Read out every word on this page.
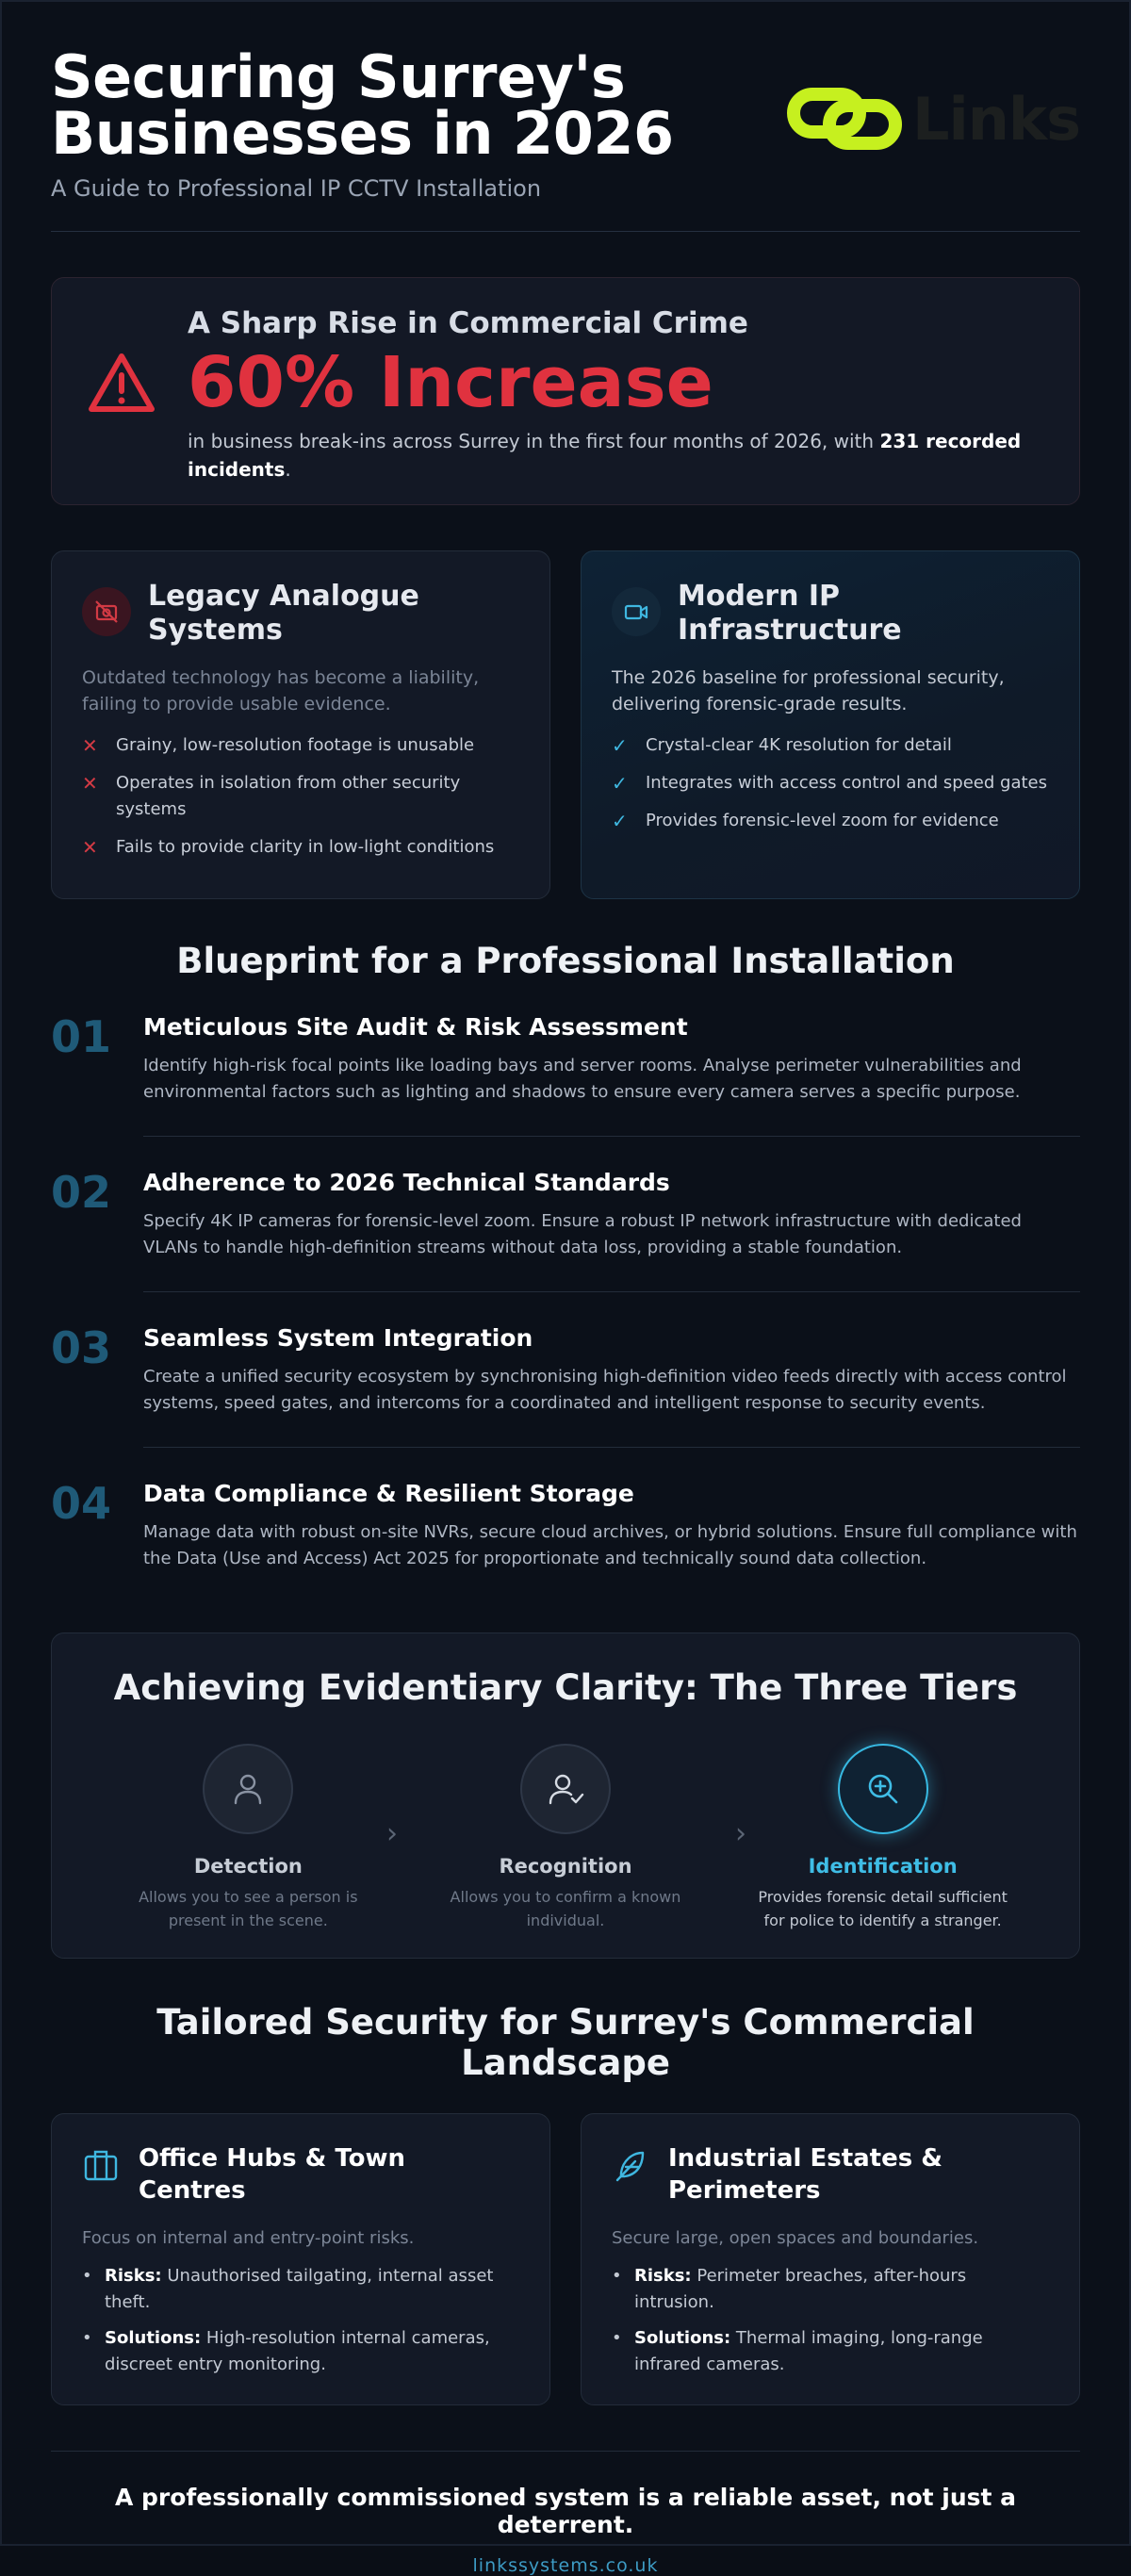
Securing Surrey's Businesses in 2026
A Guide to Professional IP CCTV Installation
Links
A Sharp Rise in Commercial Crime
60% Increase
in business break-ins across Surrey in the first four months of 2026, with 231 recorded incidents.
Legacy Analogue Systems
Outdated technology has become a liability, failing to provide usable evidence.
✕	Grainy, low-resolution footage is unusable
✕	Operates in isolation from other security systems
✕	Fails to provide clarity in low-light conditions
Modern IP Infrastructure
The 2026 baseline for professional security, delivering forensic-grade results.
✓	Crystal-clear 4K resolution for detail
✓	Integrates with access control and speed gates
✓	Provides forensic-level zoom for evidence
Blueprint for a Professional Installation
01	Meticulous Site Audit & Risk Assessment
Identify high-risk focal points like loading bays and server rooms. Analyse perimeter vulnerabilities and environmental factors such as lighting and shadows to ensure every camera serves a specific purpose.
02	Adherence to 2026 Technical Standards
Specify 4K IP cameras for forensic-level zoom. Ensure a robust IP network infrastructure with dedicated VLANs to handle high-definition streams without data loss, providing a stable foundation.
03	Seamless System Integration
Create a unified security ecosystem by synchronising high-definition video feeds directly with access control systems, speed gates, and intercoms for a coordinated and intelligent response to security events.
04	Data Compliance & Resilient Storage
Manage data with robust on-site NVRs, secure cloud archives, or hybrid solutions. Ensure full compliance with the Data (Use and Access) Act 2025 for proportionate and technically sound data collection.
Achieving Evidentiary Clarity: The Three Tiers
Detection
Allows you to see a person is present in the scene.
›
Recognition
Allows you to confirm a known individual.
›
Identification
Provides forensic detail sufficient for police to identify a stranger.
Tailored Security for Surrey's Commercial Landscape
Office Hubs & Town Centres
Focus on internal and entry-point risks.
• Risks: Unauthorised tailgating, internal asset theft.
• Solutions: High-resolution internal cameras, discreet entry monitoring.
Industrial Estates & Perimeters
Secure large, open spaces and boundaries.
• Risks: Perimeter breaches, after-hours intrusion.
• Solutions: Thermal imaging, long-range infrared cameras.
A professionally commissioned system is a reliable asset, not just a deterrent.
linkssystems.co.uk
